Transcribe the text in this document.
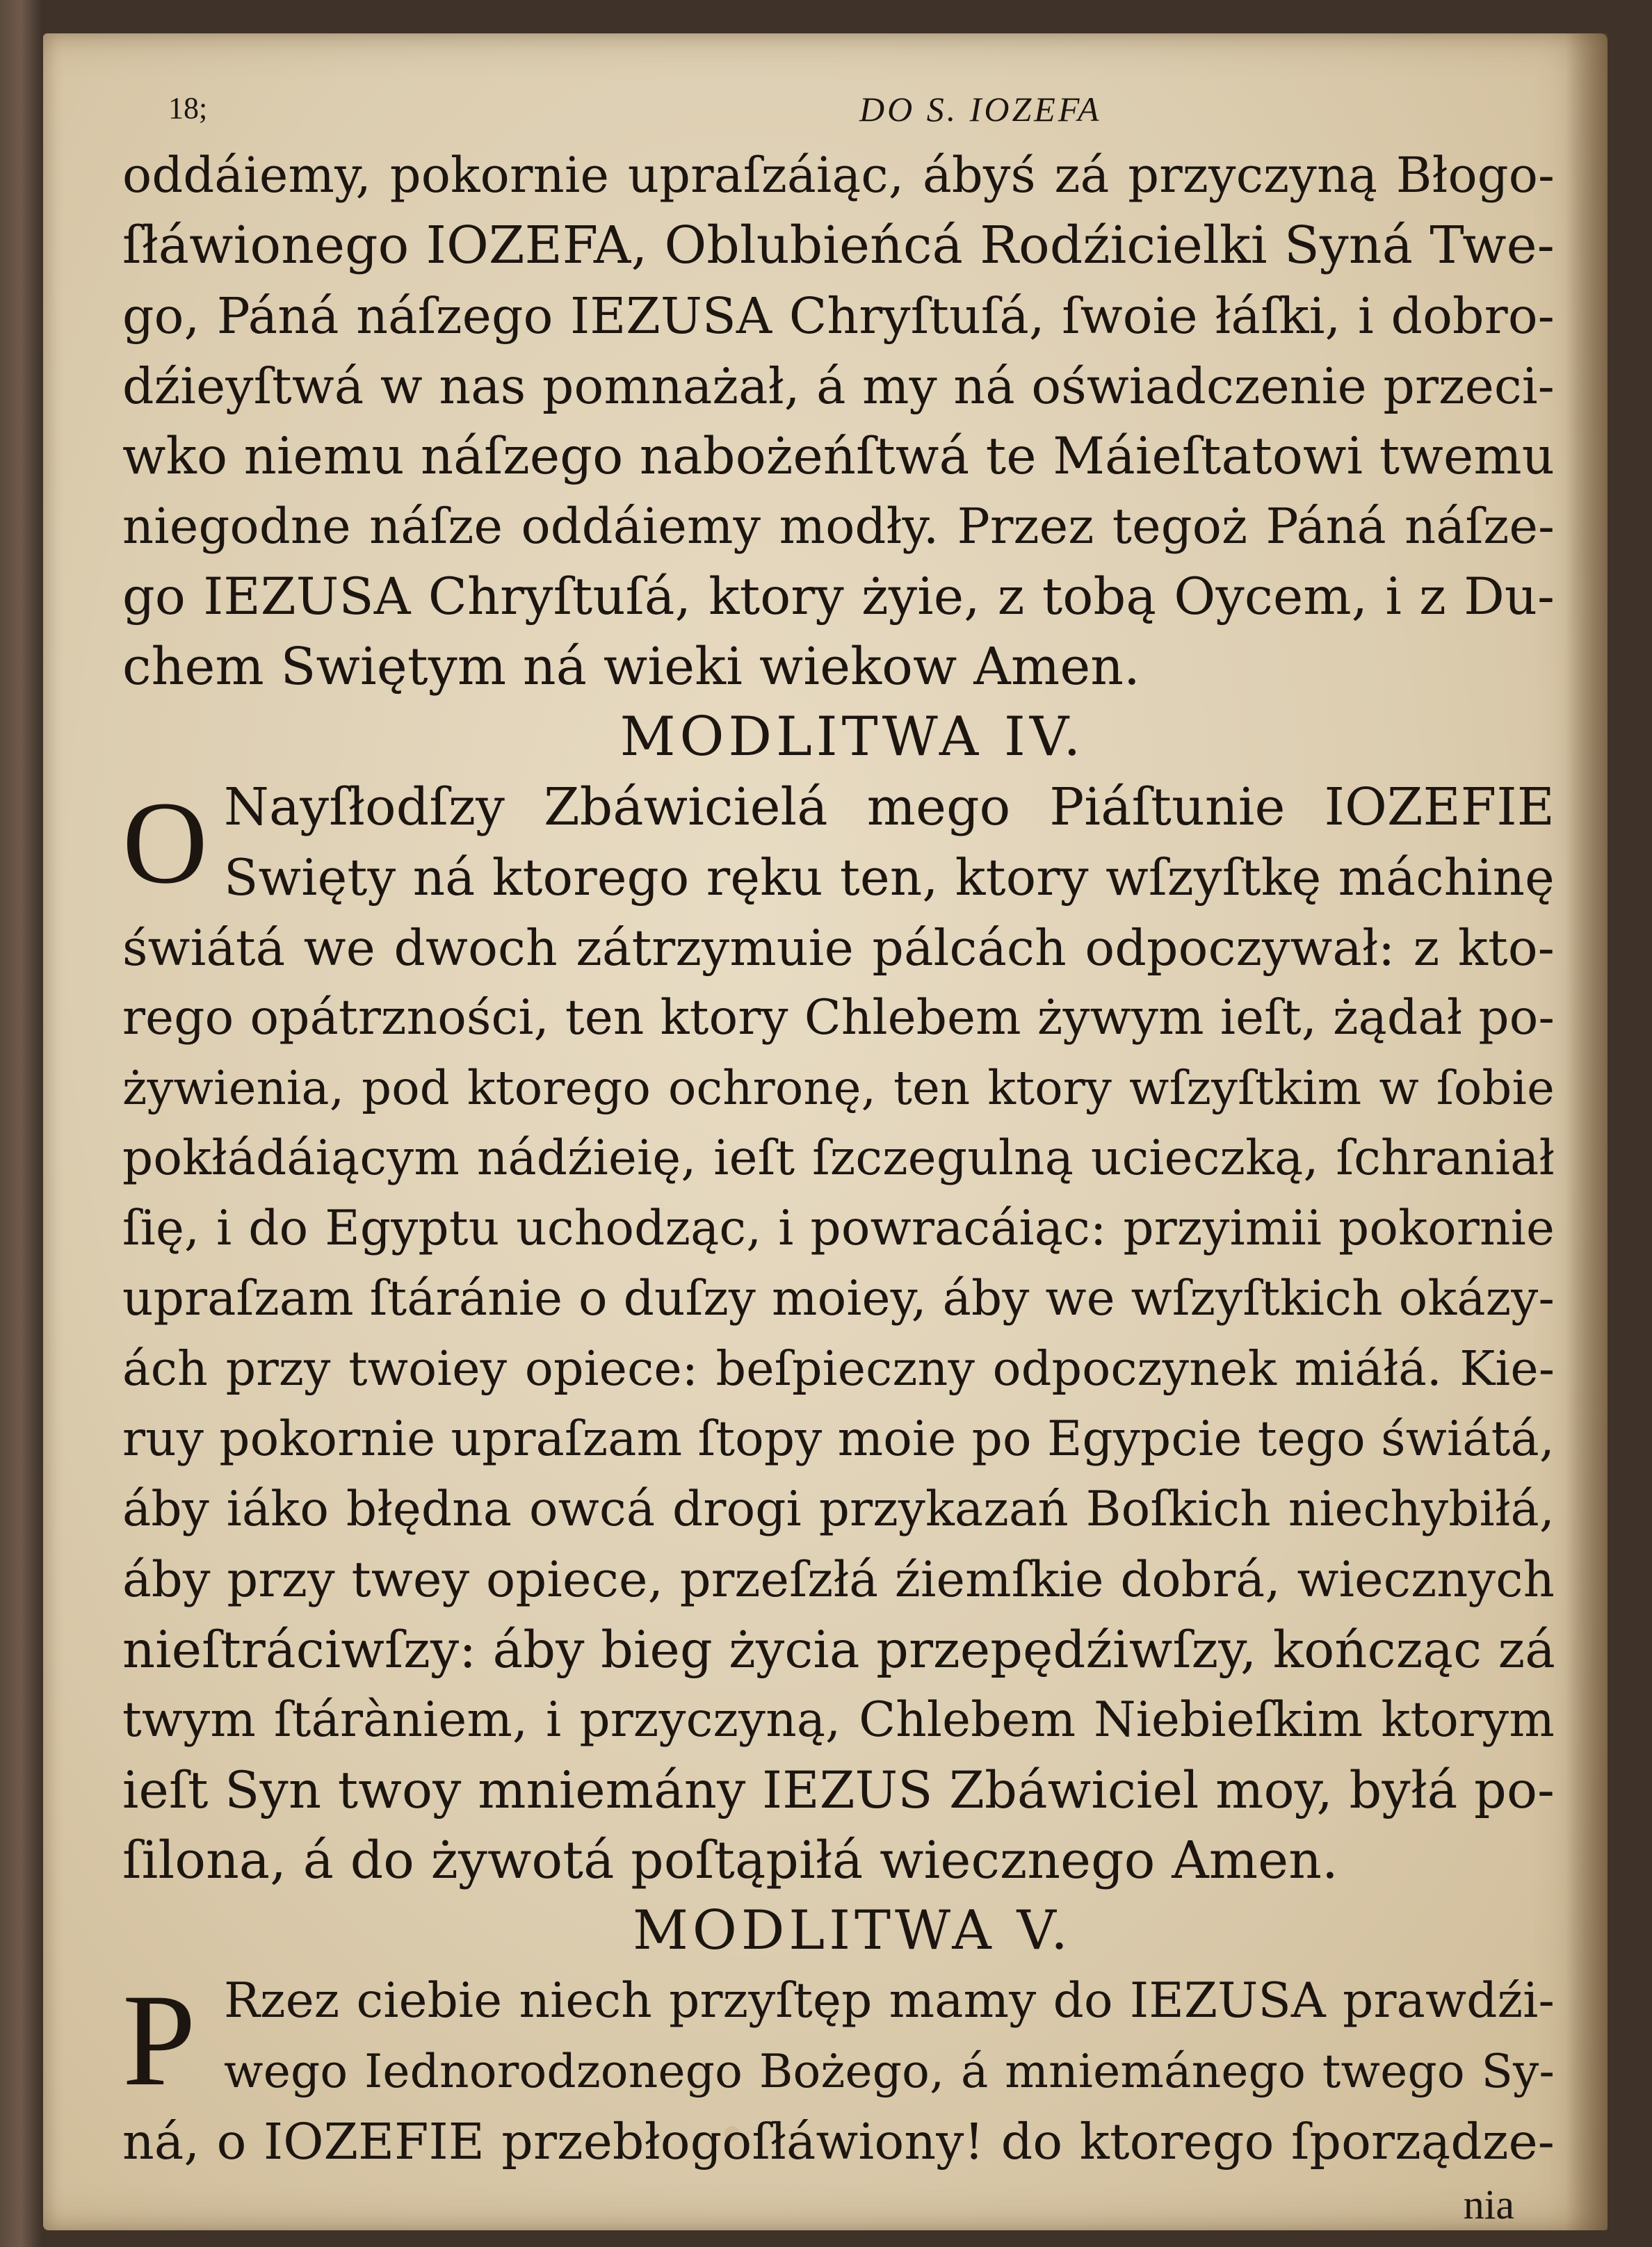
18;	DO S. IOZEFA
oddáiemy, pokornie upraſzáiąc, ábyś zá przyczyną Błogo-
ſłáwionego IOZEFA, Oblubieńcá Rodźicielki Syná Twe-
go, Páná náſzego IEZUSA Chryſtuſá, ſwoie łáſki, i dobro-
dźieyſtwá w nas pomnażał, á my ná oświadczenie przeci-
wko niemu náſzego nabożeńſtwá te Máieſtatowi twemu
niegodne náſze oddáiemy modły. Przez tegoż Páná náſze-
go IEZUSA Chryſtuſá, ktory żyie, z tobą Oycem, i z Du-
chem Swiętym ná wieki wiekow Amen.
MODLITWA IV.
O Nayſłodſzy Zbáwicielá mego Piáſtunie IOZEFIE
Swięty ná ktorego ręku ten, ktory wſzyſtkę máchinę
świátá we dwoch zátrzymuie pálcách odpoczywał: z kto-
rego opátrzności, ten ktory Chlebem żywym ieſt, żądał po-
żywienia, pod ktorego ochronę, ten ktory wſzyſtkim w ſobie
pokłádáiącym nádźieię, ieſt ſzczegulną ucieczką, ſchraniał
ſię, i do Egyptu uchodząc, i powracáiąc: przyimii pokornie
upraſzam ſtáránie o duſzy moiey, áby we wſzyſtkich okázy-
ách przy twoiey opiece: beſpieczny odpoczynek miáłá. Kie-
ruy pokornie upraſzam ſtopy moie po Egypcie tego świátá,
áby iáko błędna owcá drogi przykazań Boſkich niechybiłá,
áby przy twey opiece, przeſzłá źiemſkie dobrá, wiecznych
nieſtráciwſzy: áby bieg życia przepędźiwſzy, kończąc zá
twym ſtáràniem, i przyczyną, Chlebem Niebieſkim ktorym
ieſt Syn twoy mniemány IEZUS Zbáwiciel moy, byłá po-
ſilona, á do żywotá poſtąpiłá wiecznego Amen.
MODLITWA V.
P Rzez ciebie niech przyſtęp mamy do IEZUSA prawdźi-
wego Iednorodzonego Bożego, á mniemánego twego Sy-
ná, o IOZEFIE przebłogoſłáwiony! do ktorego ſporządze-
nia
